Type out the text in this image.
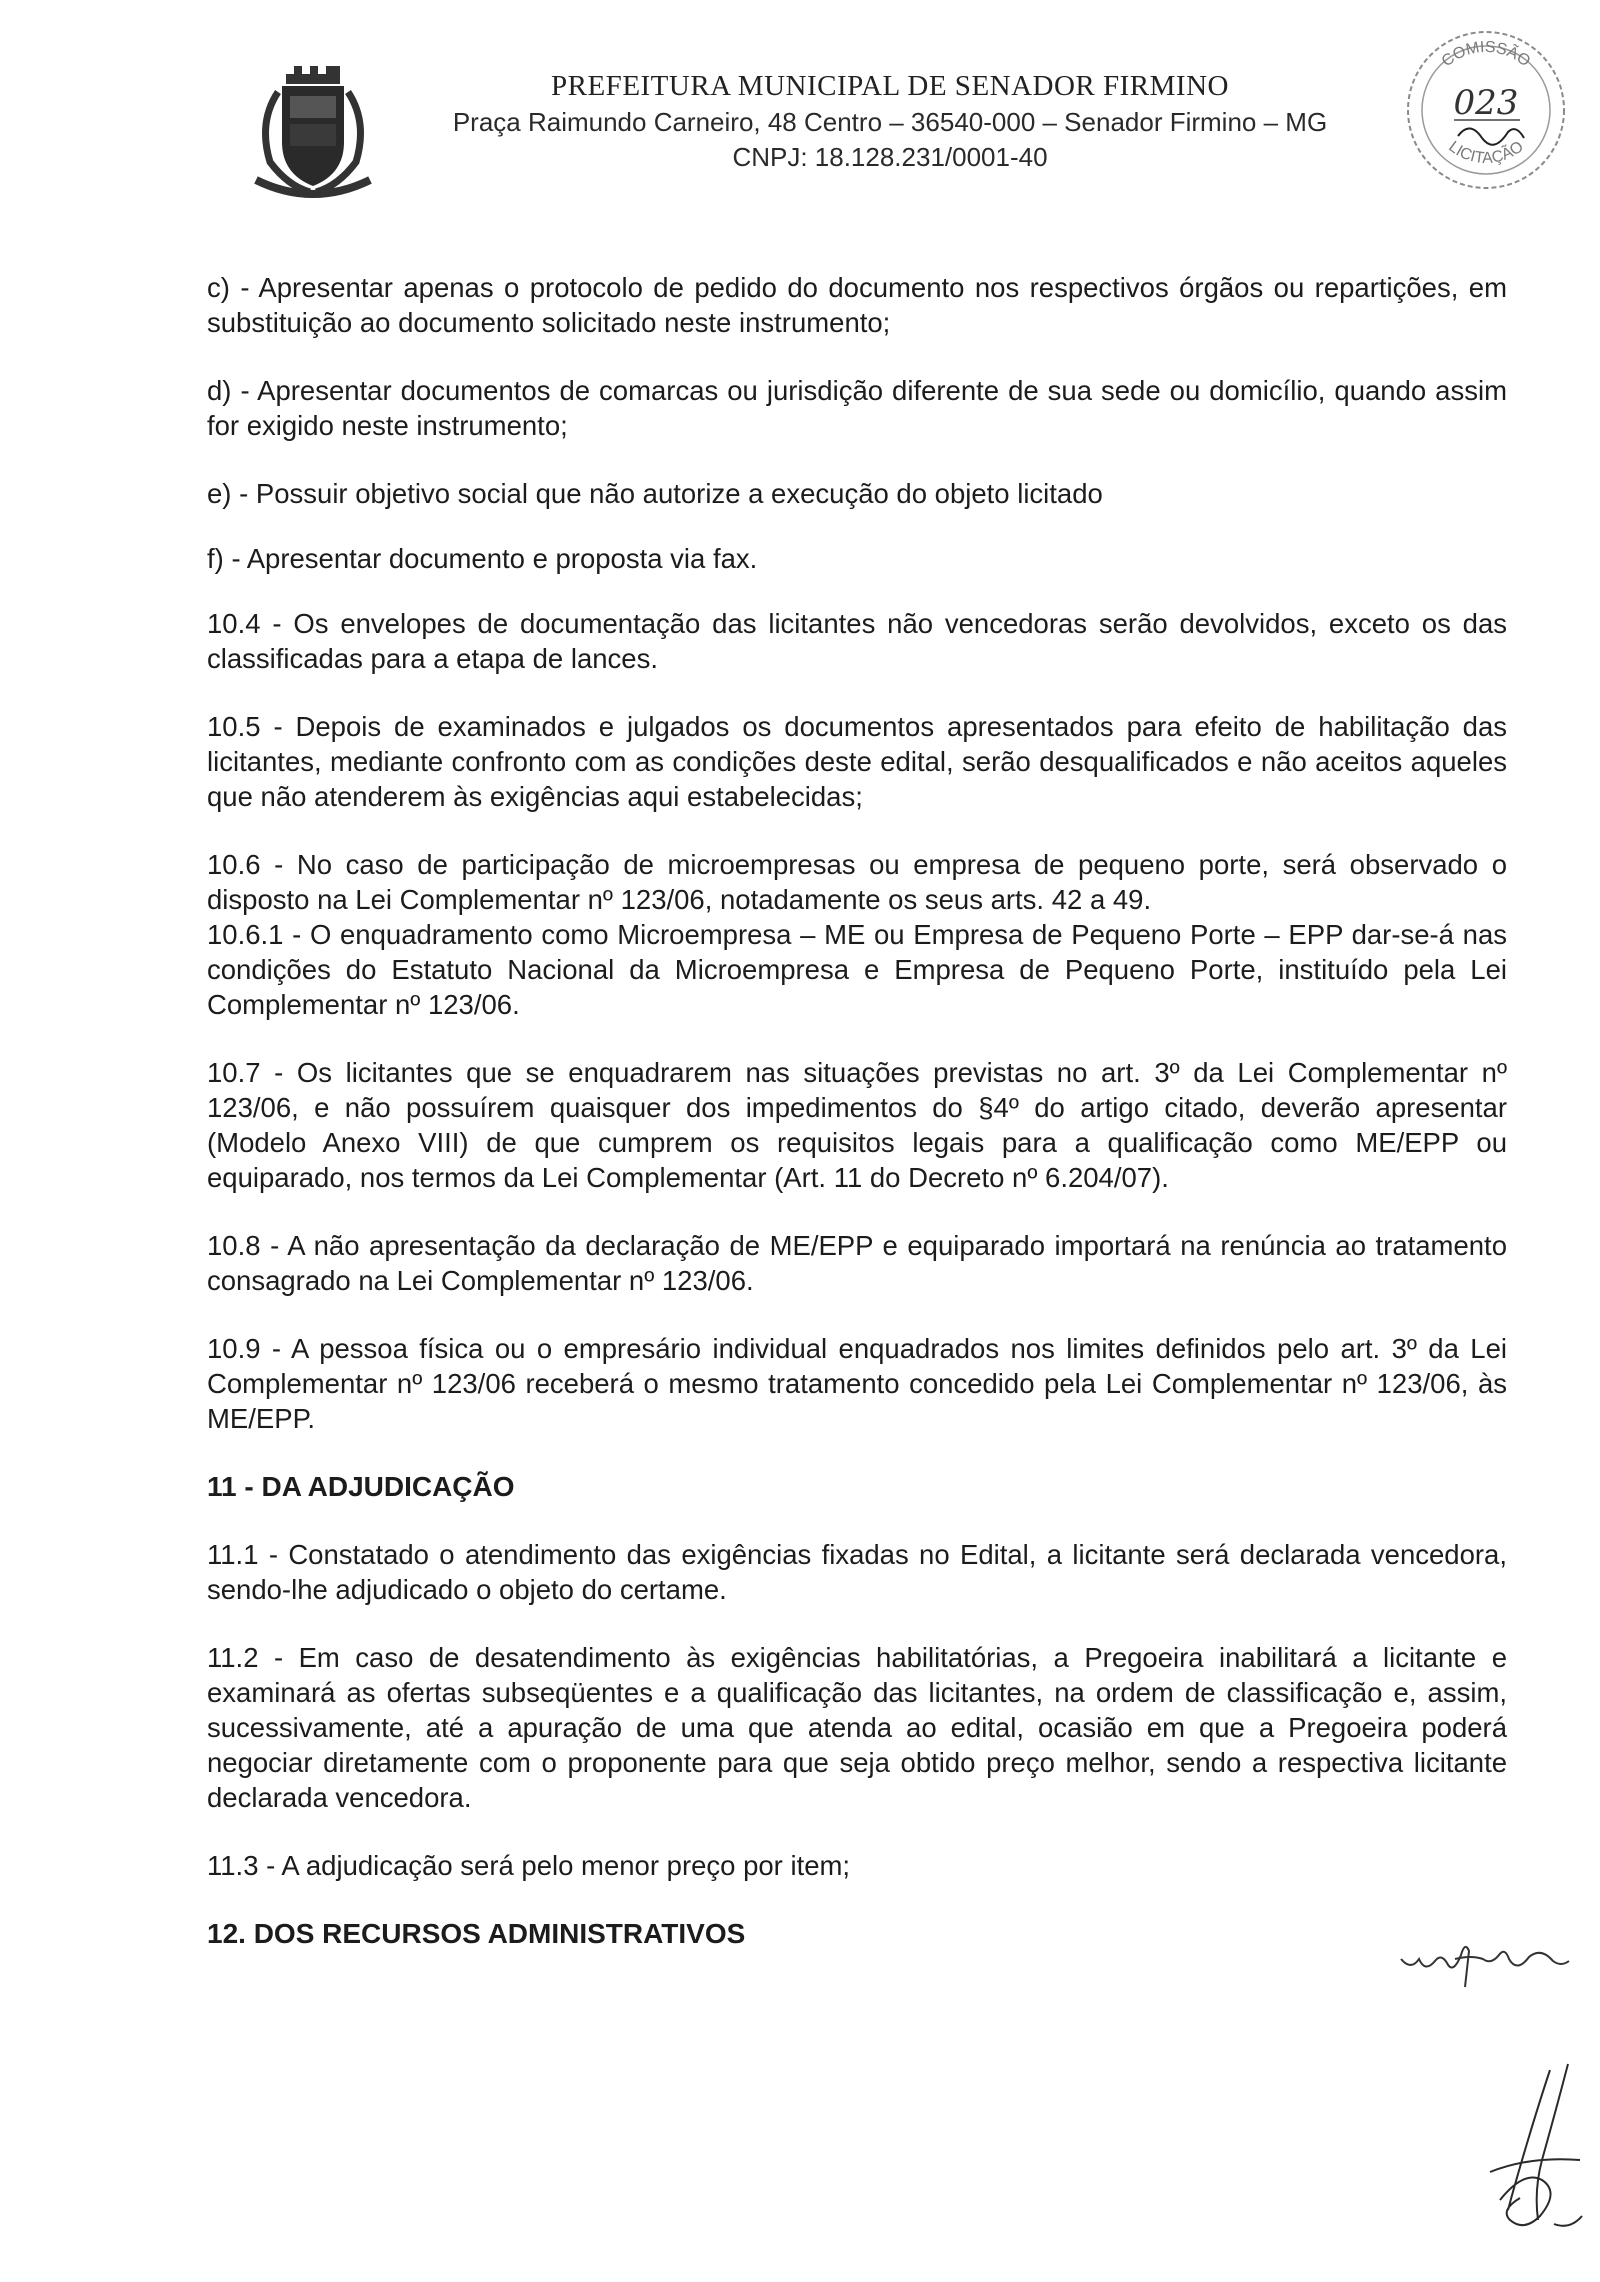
PREFEITURA MUNICIPAL DE SENADOR FIRMINO
Praça Raimundo Carneiro, 48 Centro – 36540-000 – Senador Firmino – MG
CNPJ: 18.128.231/0001-40
COMISSÃO
023
LICITAÇÃO

c) - Apresentar apenas o protocolo de pedido do documento nos respectivos órgãos ou repartições, em substituição ao documento solicitado neste instrumento;

d) - Apresentar documentos de comarcas ou jurisdição diferente de sua sede ou domicílio, quando assim for exigido neste instrumento;

e) - Possuir objetivo social que não autorize a execução do objeto licitado

f) - Apresentar documento e proposta via fax.

10.4 - Os envelopes de documentação das licitantes não vencedoras serão devolvidos, exceto os das classificadas para a etapa de lances.

10.5 - Depois de examinados e julgados os documentos apresentados para efeito de habilitação das licitantes, mediante confronto com as condições deste edital, serão desqualificados e não aceitos aqueles que não atenderem às exigências aqui estabelecidas;

10.6 - No caso de participação de microempresas ou empresa de pequeno porte, será observado o disposto na Lei Complementar nº 123/06, notadamente os seus arts. 42 a 49.

10.6.1 - O enquadramento como Microempresa – ME ou Empresa de Pequeno Porte – EPP dar-se-á nas condições do Estatuto Nacional da Microempresa e Empresa de Pequeno Porte, instituído pela Lei Complementar nº 123/06.

10.7 - Os licitantes que se enquadrarem nas situações previstas no art. 3º da Lei Complementar nº 123/06, e não possuírem quaisquer dos impedimentos do §4º do artigo citado, deverão apresentar (Modelo Anexo VIII) de que cumprem os requisitos legais para a qualificação como ME/EPP ou equiparado, nos termos da Lei Complementar (Art. 11 do Decreto nº 6.204/07).

10.8 - A não apresentação da declaração de ME/EPP e equiparado importará na renúncia ao tratamento consagrado na Lei Complementar nº 123/06.

10.9 - A pessoa física ou o empresário individual enquadrados nos limites definidos pelo art. 3º da Lei Complementar nº 123/06 receberá o mesmo tratamento concedido pela Lei Complementar nº 123/06, às ME/EPP.

11 - DA ADJUDICAÇÃO

11.1 - Constatado o atendimento das exigências fixadas no Edital, a licitante será declarada vencedora, sendo-lhe adjudicado o objeto do certame.

11.2 - Em caso de desatendimento às exigências habilitatórias, a Pregoeira inabilitará a licitante e examinará as ofertas subseqüentes e a qualificação das licitantes, na ordem de classificação e, assim, sucessivamente, até a apuração de uma que atenda ao edital, ocasião em que a Pregoeira poderá negociar diretamente com o proponente para que seja obtido preço melhor, sendo a respectiva licitante declarada vencedora.

11.3 - A adjudicação será pelo menor preço por item;

12. DOS RECURSOS ADMINISTRATIVOS
